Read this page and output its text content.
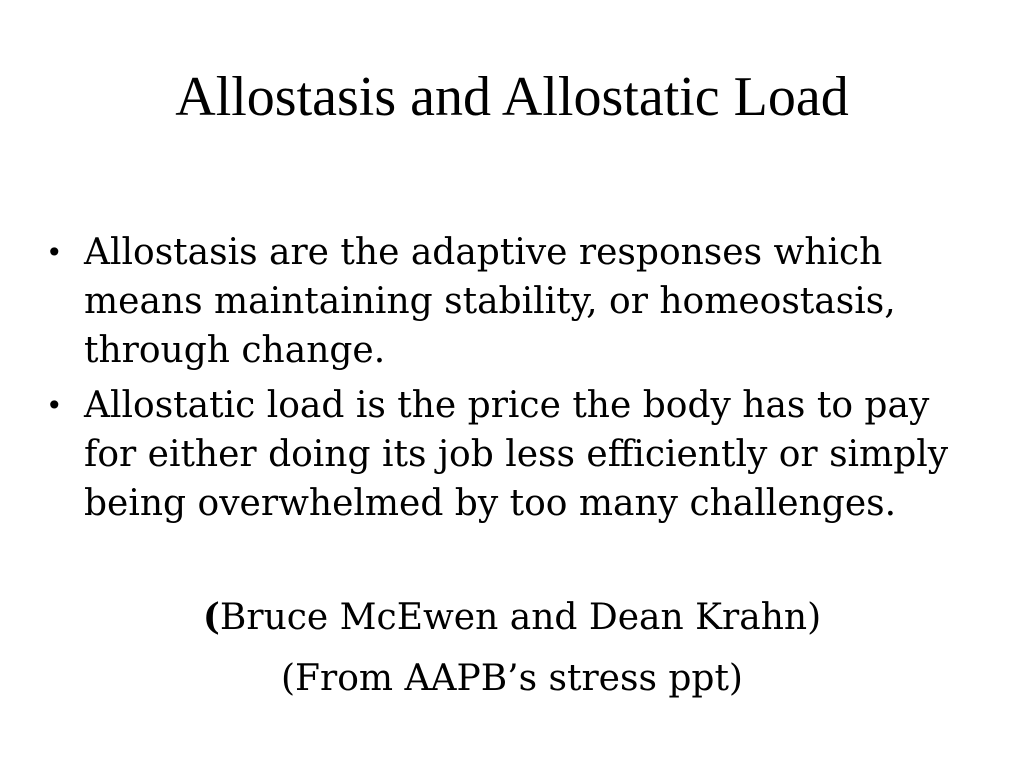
Allostasis and Allostatic Load
• Allostasis are the adaptive responses which means maintaining stability, or homeostasis, through change.
• Allostatic load is the price the body has to pay for either doing its job less efficiently or simply being overwhelmed by too many challenges.

(Bruce McEwen and Dean Krahn)

(From AAPB’s stress ppt)
